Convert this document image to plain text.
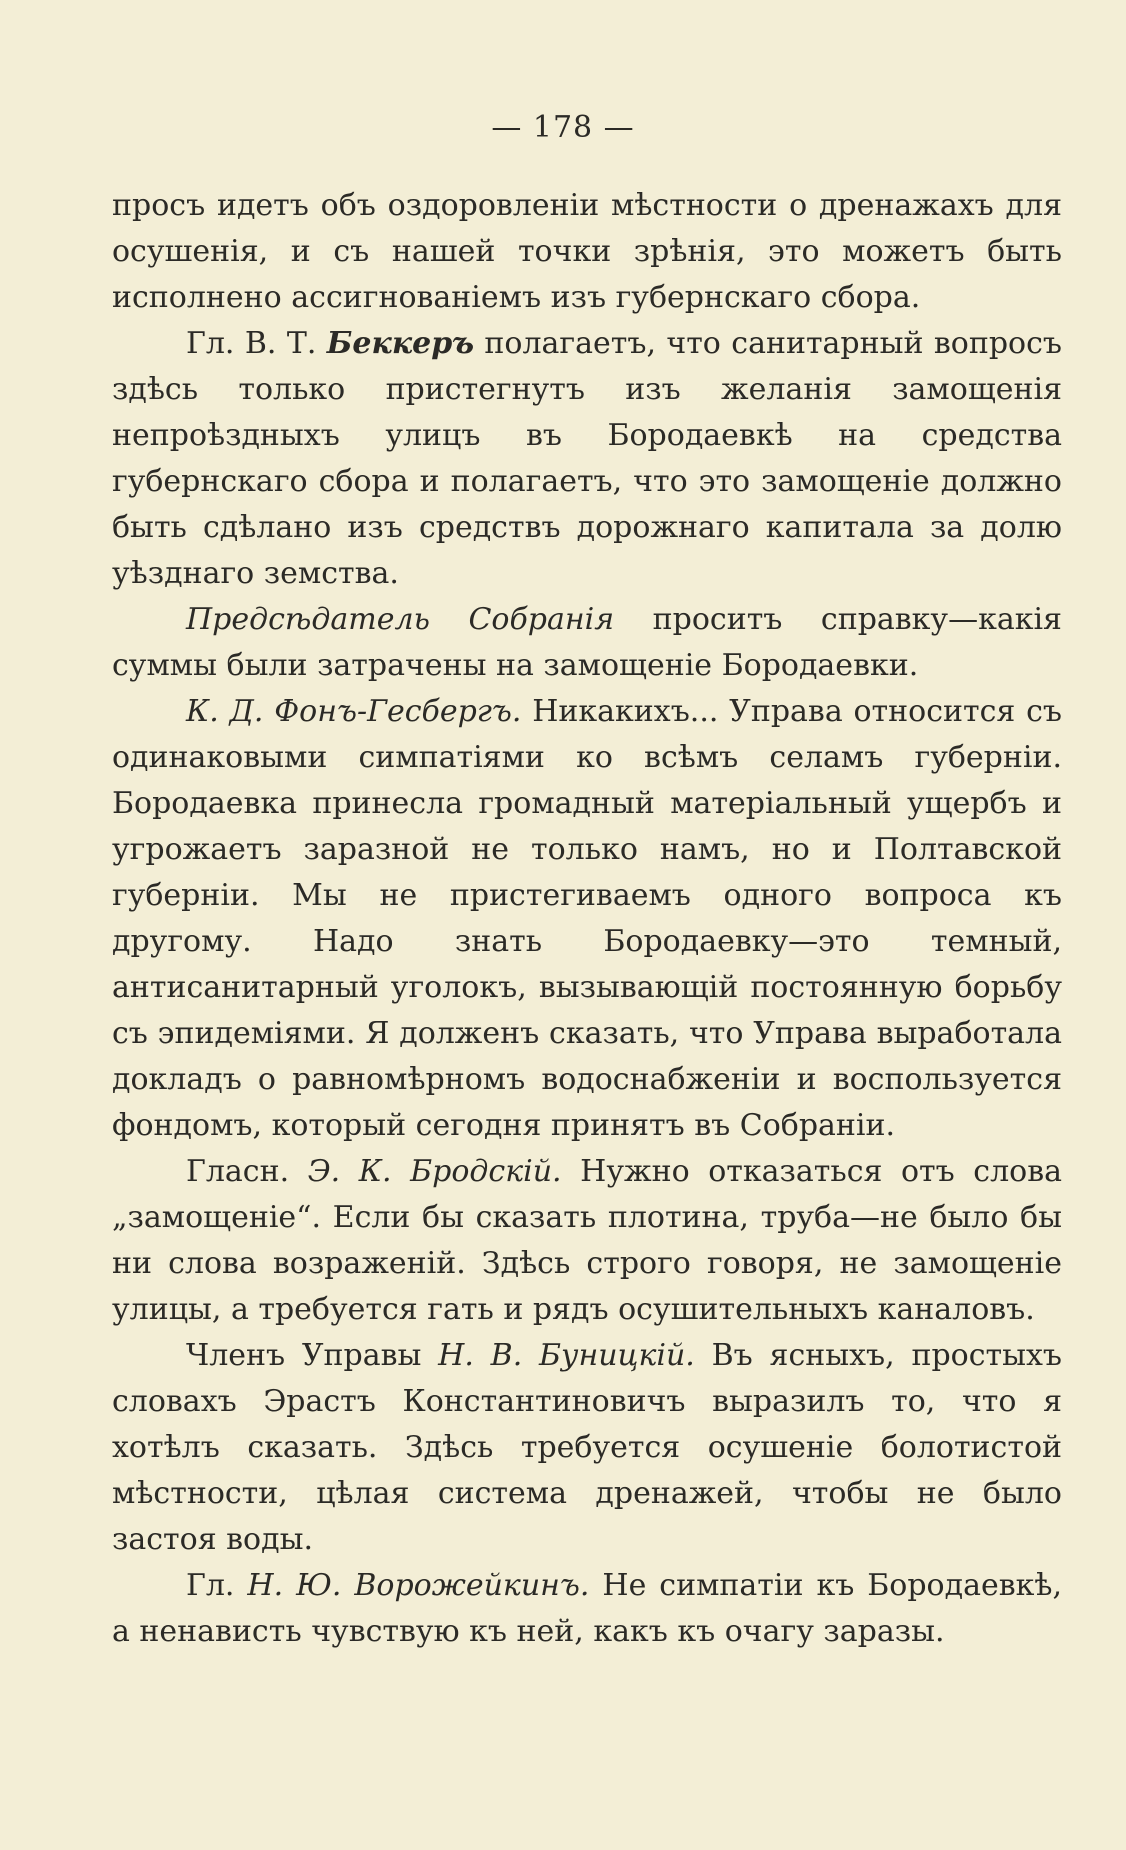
— 178 —

просъ идетъ объ оздоровленіи мѣстности о дренажахъ для осушенія, и съ нашей точки зрѣнія, это можетъ быть исполнено ассигнованіемъ изъ губернскаго сбора.

Гл. В. Т. Беккеръ полагаетъ, что санитарный вопросъ здѣсь только пристегнутъ изъ желанія замощенія непроѣздныхъ улицъ въ Бородаевкѣ на средства губернскаго сбора и полагаетъ, что это замощеніе должно быть сдѣлано изъ средствъ дорожнаго капитала за долю уѣзднаго земства.

Предсѣдатель Собранія проситъ справку—какія суммы были затрачены на замощеніе Бородаевки.

К. Д. Фонъ-Гесбергъ. Никакихъ... Управа относится съ одинаковыми симпатіями ко всѣмъ селамъ губерніи. Бородаевка принесла громадный матеріальный ущербъ и угрожаетъ заразной не только намъ, но и Полтавской губерніи. Мы не пристегиваемъ одного вопроса къ другому. Надо знать Бородаевку—это темный, антисанитарный уголокъ, вызывающій постоянную борьбу съ эпидеміями. Я долженъ сказать, что Управа выработала докладъ о равномѣрномъ водоснабженіи и воспользуется фондомъ, который сегодня принятъ въ Собраніи.

Гласн. Э. К. Бродскій. Нужно отказаться отъ слова „замощеніе“. Если бы сказать плотина, труба—не было бы ни слова возраженій. Здѣсь строго говоря, не замощеніе улицы, а требуется гать и рядъ осушительныхъ каналовъ.

Членъ Управы Н. В. Буницкій. Въ ясныхъ, простыхъ словахъ Эрастъ Константиновичъ выразилъ то, что я хотѣлъ сказать. Здѣсь требуется осушеніе болотистой мѣстности, цѣлая система дренажей, чтобы не было застоя воды.

Гл. Н. Ю. Ворожейкинъ. Не симпатіи къ Бородаевкѣ, а ненависть чувствую къ ней, какъ къ очагу заразы.
